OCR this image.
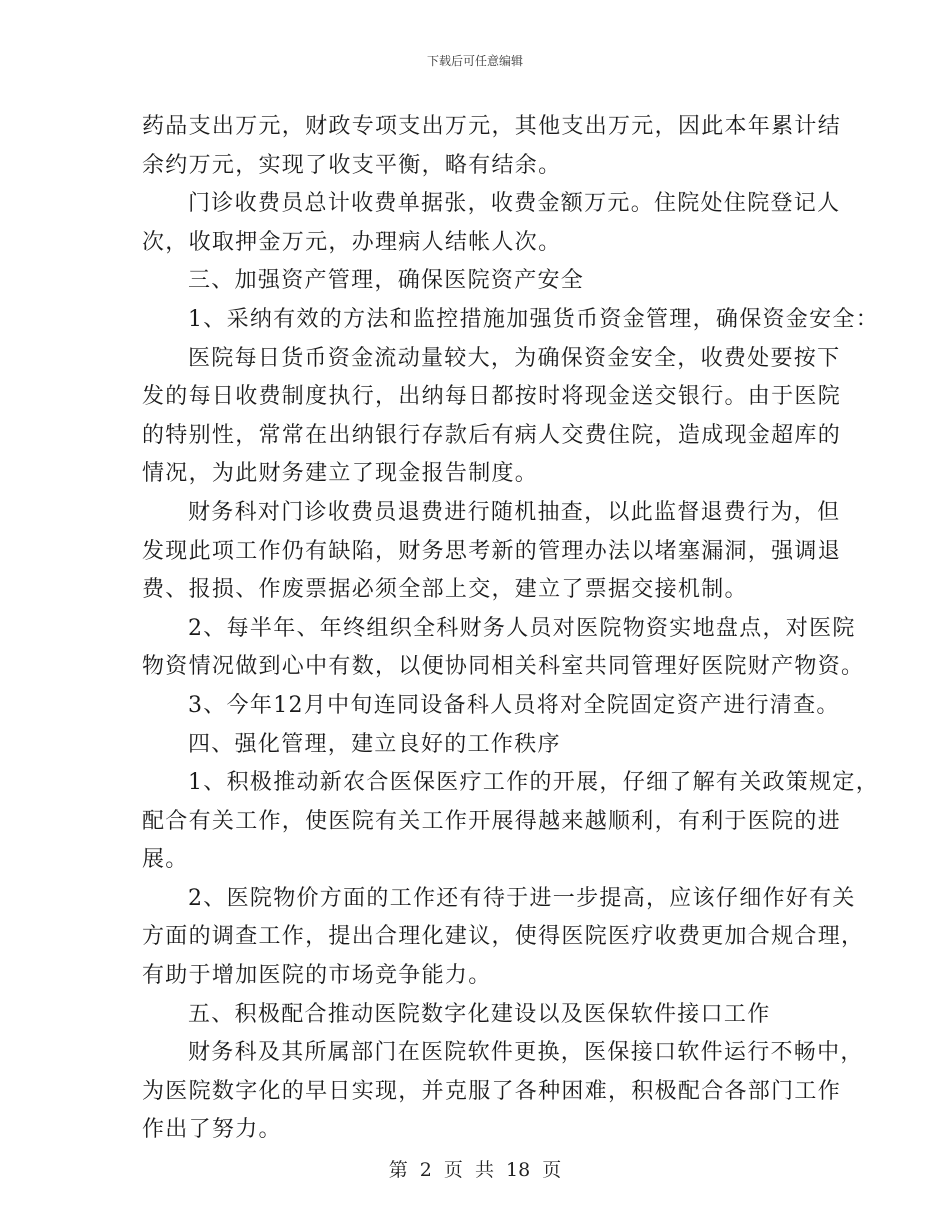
下载后可任意编辑
药品支出万元，财政专项支出万元，其他支出万元，因此本年累计结
余约万元，实现了收支平衡，略有结余。
门诊收费员总计收费单据张，收费金额万元。住院处住院登记人
次，收取押金万元，办理病人结帐人次。
三、加强资产管理，确保医院资产安全
1、采纳有效的方法和监控措施加强货币资金管理，确保资金安全：
医院每日货币资金流动量较大，为确保资金安全，收费处要按下
发的每日收费制度执行，出纳每日都按时将现金送交银行。由于医院
的特别性，常常在出纳银行存款后有病人交费住院，造成现金超库的
情况，为此财务建立了现金报告制度。
财务科对门诊收费员退费进行随机抽查，以此监督退费行为，但
发现此项工作仍有缺陷，财务思考新的管理办法以堵塞漏洞，强调退
费、报损、作废票据必须全部上交，建立了票据交接机制。
2、每半年、年终组织全科财务人员对医院物资实地盘点，对医院
物资情况做到心中有数，以便协同相关科室共同管理好医院财产物资。
3、今年12月中旬连同设备科人员将对全院固定资产进行清查。
四、强化管理，建立良好的工作秩序
1、积极推动新农合医保医疗工作的开展，仔细了解有关政策规定，
配合有关工作，使医院有关工作开展得越来越顺利，有利于医院的进
展。
2、医院物价方面的工作还有待于进一步提高，应该仔细作好有关
方面的调查工作，提出合理化建议，使得医院医疗收费更加合规合理，
有助于增加医院的市场竞争能力。
五、积极配合推动医院数字化建设以及医保软件接口工作
财务科及其所属部门在医院软件更换，医保接口软件运行不畅中，
为医院数字化的早日实现，并克服了各种困难，积极配合各部门工作
作出了努力。
第 2 页 共 18 页
